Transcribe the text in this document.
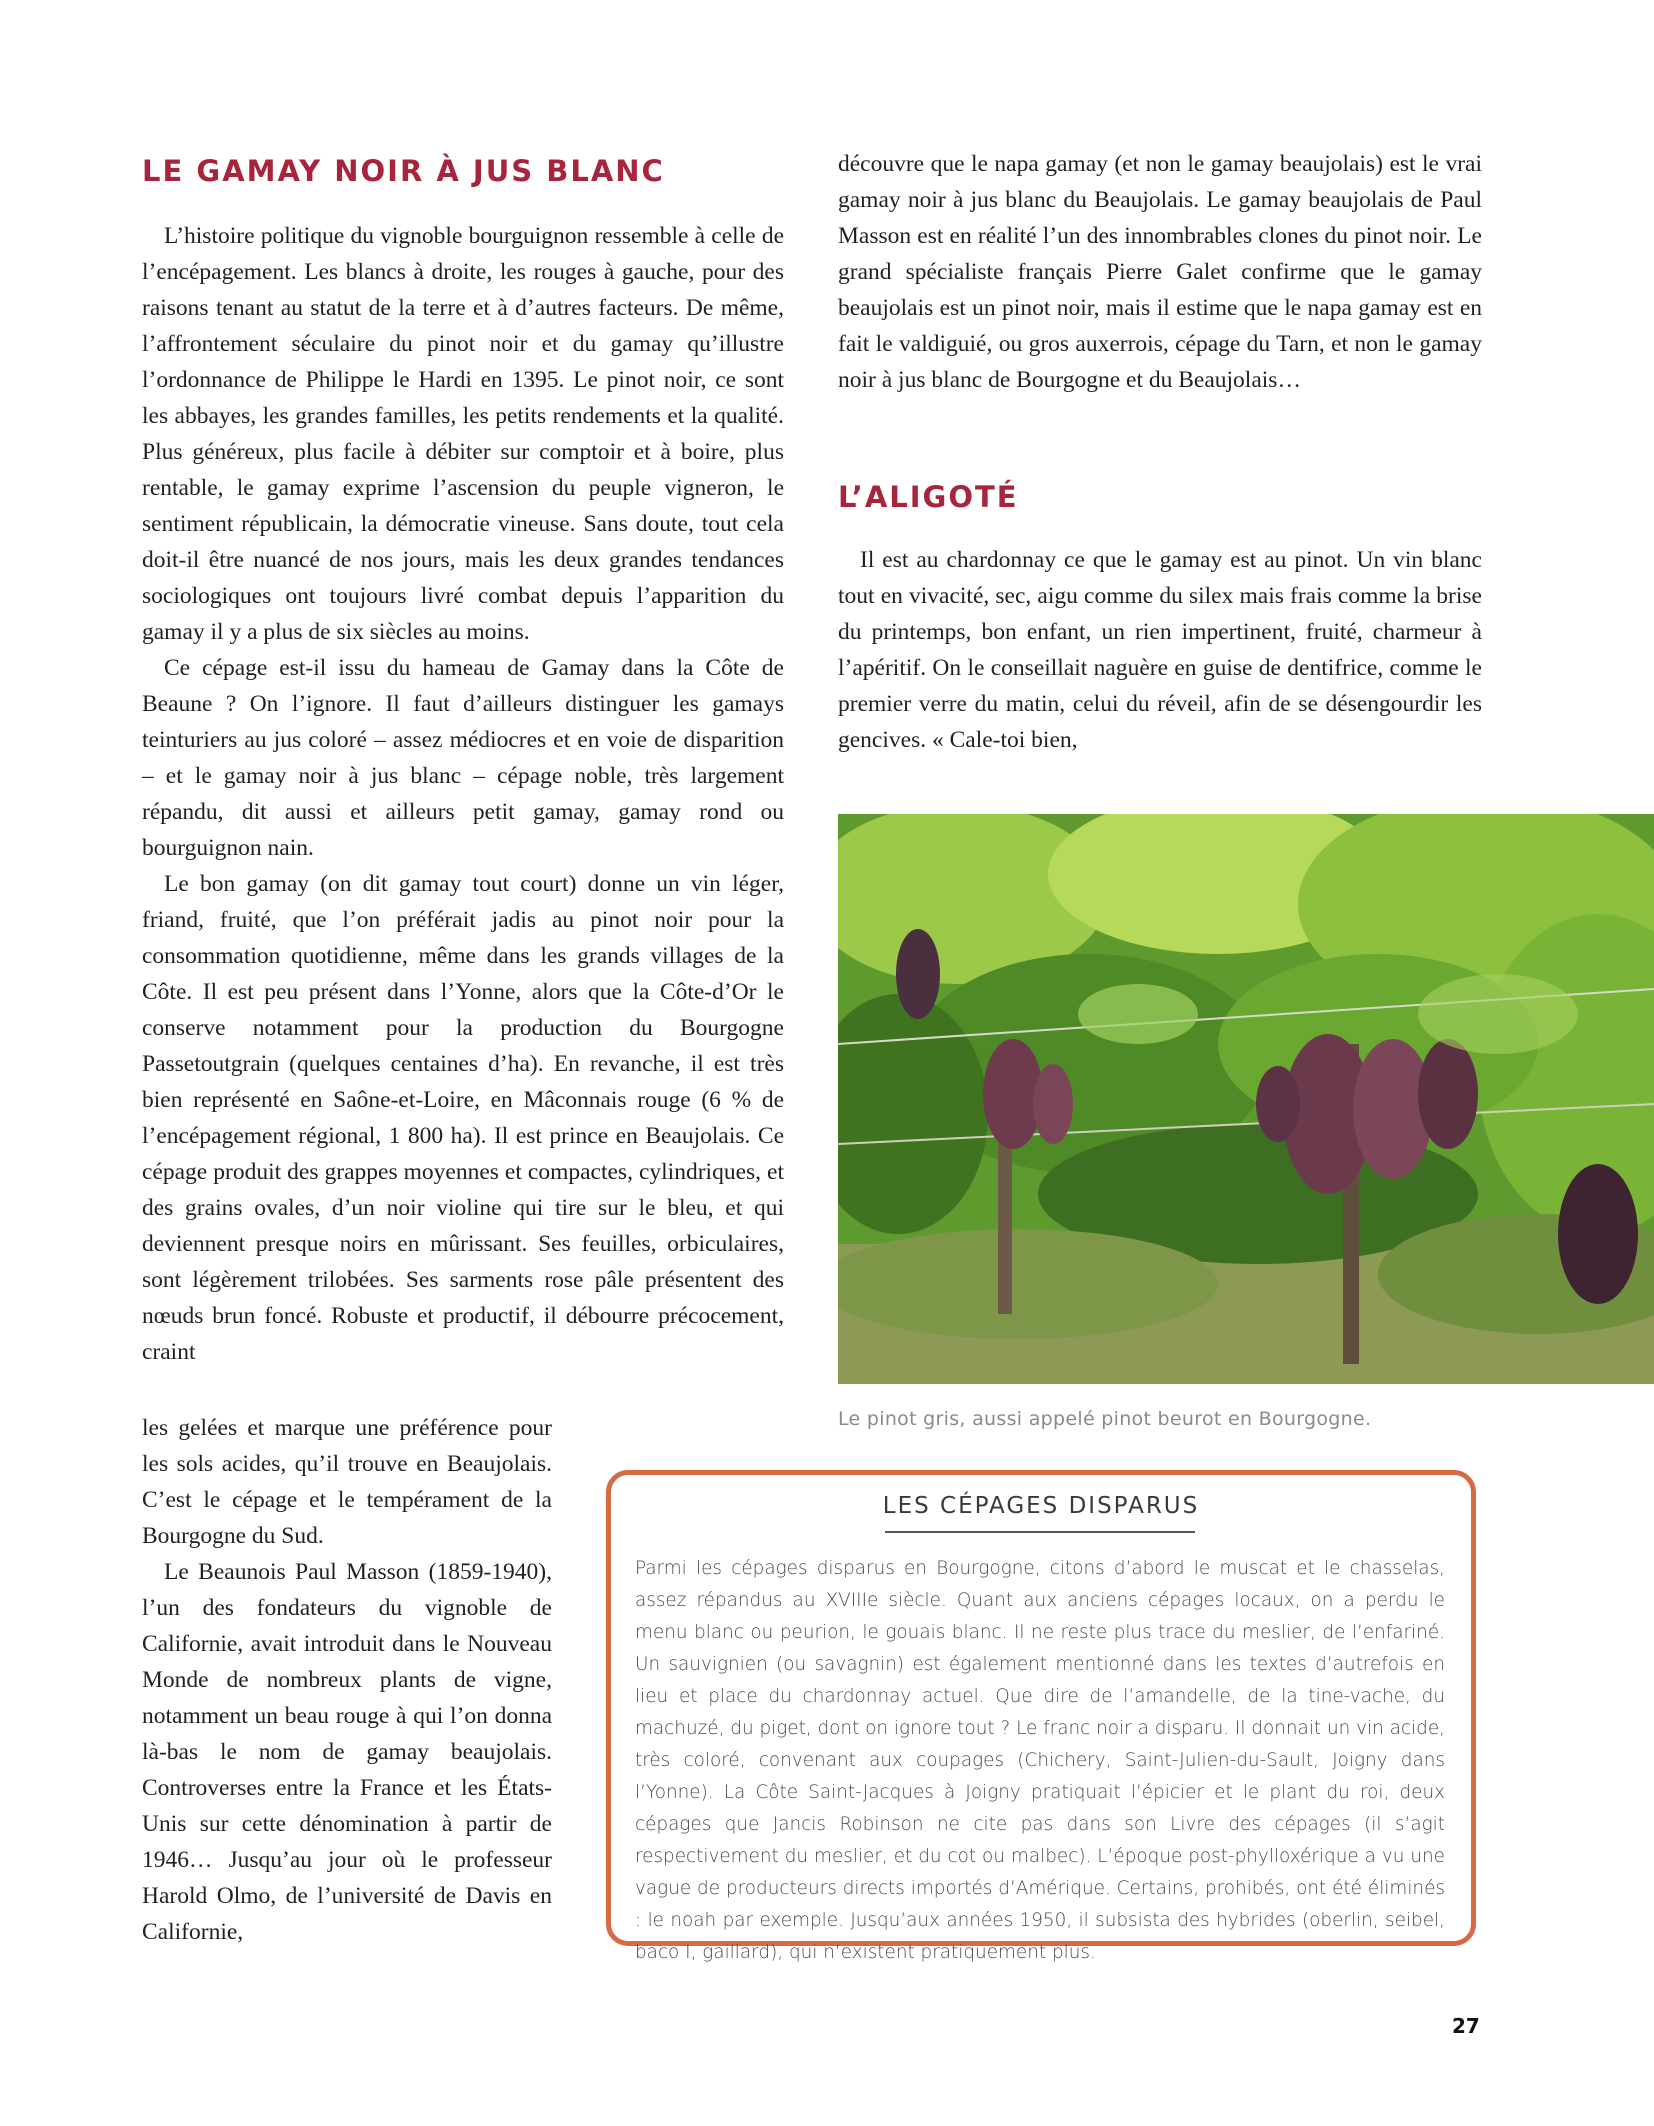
LE GAMAY NOIR À JUS BLANC

L’histoire politique du vignoble bourguignon ressemble à celle de l’encépagement. Les blancs à droite, les rouges à gauche, pour des raisons tenant au statut de la terre et à d’autres facteurs. De même, l’affrontement séculaire du pinot noir et du gamay qu’illustre l’ordonnance de Philippe le Hardi en 1395. Le pinot noir, ce sont les abbayes, les grandes familles, les petits rendements et la qualité. Plus généreux, plus facile à débiter sur comptoir et à boire, plus rentable, le gamay exprime l’ascension du peuple vigneron, le sentiment républicain, la démocratie vineuse. Sans doute, tout cela doit-il être nuancé de nos jours, mais les deux grandes tendances sociologiques ont toujours livré combat depuis l’apparition du gamay il y a plus de six siècles au moins.

Ce cépage est-il issu du hameau de Gamay dans la Côte de Beaune ? On l’ignore. Il faut d’ailleurs distinguer les gamays teinturiers au jus coloré – assez médiocres et en voie de disparition – et le gamay noir à jus blanc – cépage noble, très largement répandu, dit aussi et ailleurs petit gamay, gamay rond ou bourguignon nain.

Le bon gamay (on dit gamay tout court) donne un vin léger, friand, fruité, que l’on préférait jadis au pinot noir pour la consommation quotidienne, même dans les grands villages de la Côte. Il est peu présent dans l’Yonne, alors que la Côte-d’Or le conserve notamment pour la production du Bourgogne Passetoutgrain (quelques centaines d’ha). En revanche, il est très bien représenté en Saône-et-Loire, en Mâconnais rouge (6 % de l’encépagement régional, 1 800 ha). Il est prince en Beaujolais. Ce cépage produit des grappes moyennes et compactes, cylindriques, et des grains ovales, d’un noir violine qui tire sur le bleu, et qui deviennent presque noirs en mûrissant. Ses feuilles, orbiculaires, sont légèrement trilobées. Ses sarments rose pâle présentent des nœuds brun foncé. Robuste et productif, il débourre précocement, craint

les gelées et marque une préférence pour les sols acides, qu’il trouve en Beaujolais. C’est le cépage et le tempérament de la Bourgogne du Sud.

Le Beaunois Paul Masson (1859-1940), l’un des fondateurs du vignoble de Californie, avait introduit dans le Nouveau Monde de nombreux plants de vigne, notamment un beau rouge à qui l’on donna là-bas le nom de gamay beaujolais. Controverses entre la France et les États-Unis sur cette dénomination à partir de 1946… Jusqu’au jour où le professeur Harold Olmo, de l’université de Davis en Californie,

découvre que le napa gamay (et non le gamay beaujolais) est le vrai gamay noir à jus blanc du Beaujolais. Le gamay beaujolais de Paul Masson est en réalité l’un des innombrables clones du pinot noir. Le grand spécialiste français Pierre Galet confirme que le gamay beaujolais est un pinot noir, mais il estime que le napa gamay est en fait le valdiguié, ou gros auxerrois, cépage du Tarn, et non le gamay noir à jus blanc de Bourgogne et du Beaujolais…

L’ALIGOTÉ

Il est au chardonnay ce que le gamay est au pinot. Un vin blanc tout en vivacité, sec, aigu comme du silex mais frais comme la brise du printemps, bon enfant, un rien impertinent, fruité, charmeur à l’apéritif. On le conseillait naguère en guise de dentifrice, comme le premier verre du matin, celui du réveil, afin de se désengourdir les gencives. « Cale-toi bien,

Le pinot gris, aussi appelé pinot beurot en Bourgogne.

LES CÉPAGES DISPARUS

Parmi les cépages disparus en Bourgogne, citons d’abord le muscat et le chasselas, assez répandus au XVIIIe siècle. Quant aux anciens cépages locaux, on a perdu le menu blanc ou peurion, le gouais blanc. Il ne reste plus trace du meslier, de l’enfariné. Un sauvignien (ou savagnin) est également mentionné dans les textes d’autrefois en lieu et place du chardonnay actuel. Que dire de l’amandelle, de la tine-vache, du machuzé, du piget, dont on ignore tout ? Le franc noir a disparu. Il donnait un vin acide, très coloré, convenant aux coupages (Chichery, Saint-Julien-du-Sault, Joigny dans l’Yonne). La Côte Saint-Jacques à Joigny pratiquait l’épicier et le plant du roi, deux cépages que Jancis Robinson ne cite pas dans son Livre des cépages (il s’agit respectivement du meslier, et du cot ou malbec). L’époque post-phylloxérique a vu une vague de producteurs directs importés d’Amérique. Certains, prohibés, ont été éliminés : le noah par exemple. Jusqu’aux années 1950, il subsista des hybrides (oberlin, seibel, baco I, gaillard), qui n’existent pratiquement plus.

27
